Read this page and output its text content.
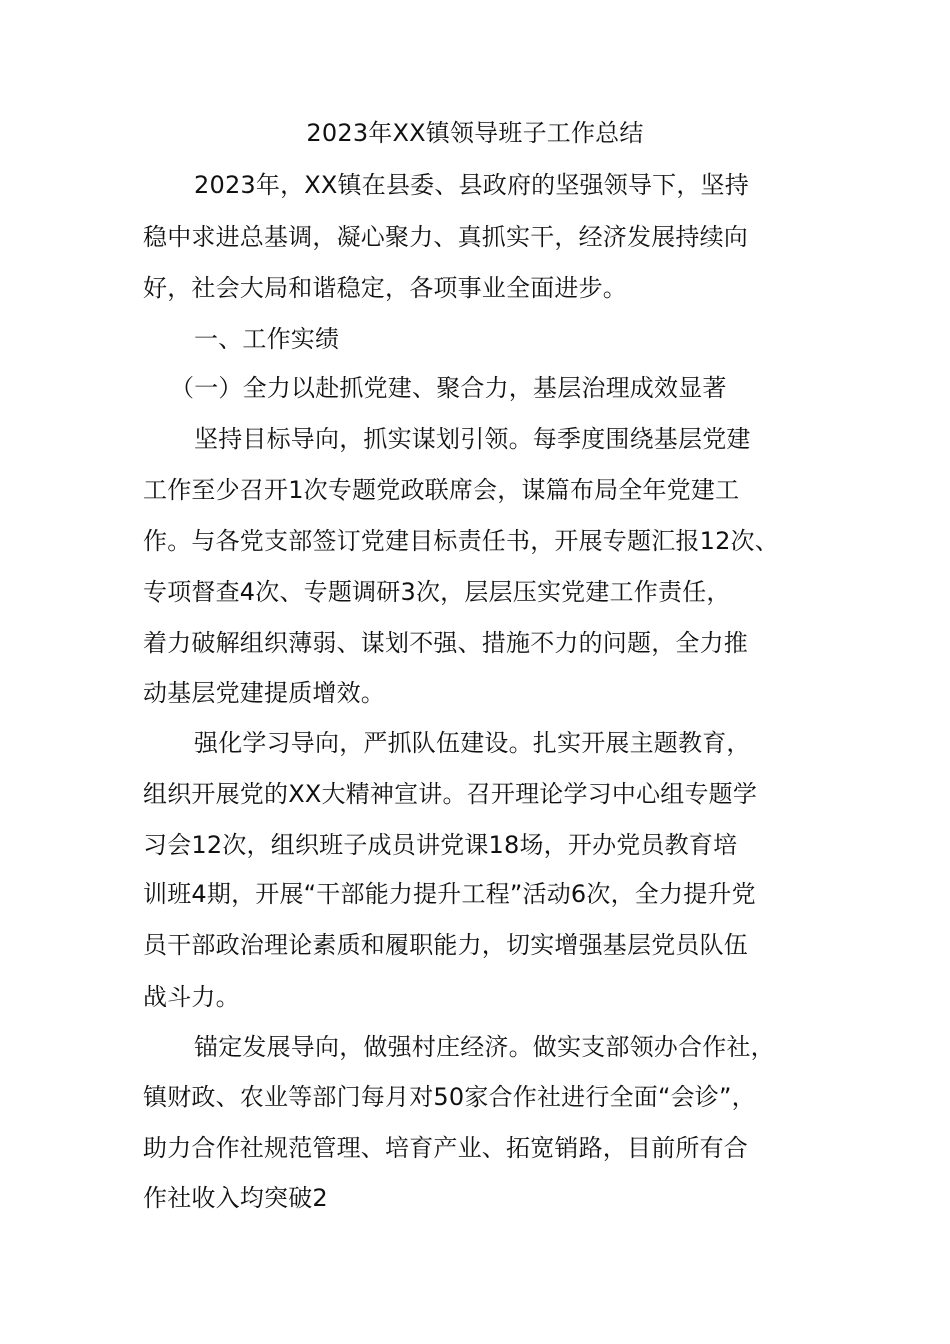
2023年XX镇领导班子工作总结
2023年，XX镇在县委、县政府的坚强领导下，坚持
稳中求进总基调，凝心聚力、真抓实干，经济发展持续向
好，社会大局和谐稳定，各项事业全面进步。
一、工作实绩
（一）全力以赴抓党建、聚合力，基层治理成效显著
坚持目标导向，抓实谋划引领。每季度围绕基层党建
工作至少召开1次专题党政联席会，谋篇布局全年党建工
作。与各党支部签订党建目标责任书，开展专题汇报12次、
专项督查4次、专题调研3次，层层压实党建工作责任，
着力破解组织薄弱、谋划不强、措施不力的问题，全力推
动基层党建提质增效。
强化学习导向，严抓队伍建设。扎实开展主题教育，
组织开展党的XX大精神宣讲。召开理论学习中心组专题学
习会12次，组织班子成员讲党课18场，开办党员教育培
训班4期，开展“干部能力提升工程”活动6次，全力提升党
员干部政治理论素质和履职能力，切实增强基层党员队伍
战斗力。
锚定发展导向，做强村庄经济。做实支部领办合作社，
镇财政、农业等部门每月对50家合作社进行全面“会诊”，
助力合作社规范管理、培育产业、拓宽销路，目前所有合
作社收入均突破2
